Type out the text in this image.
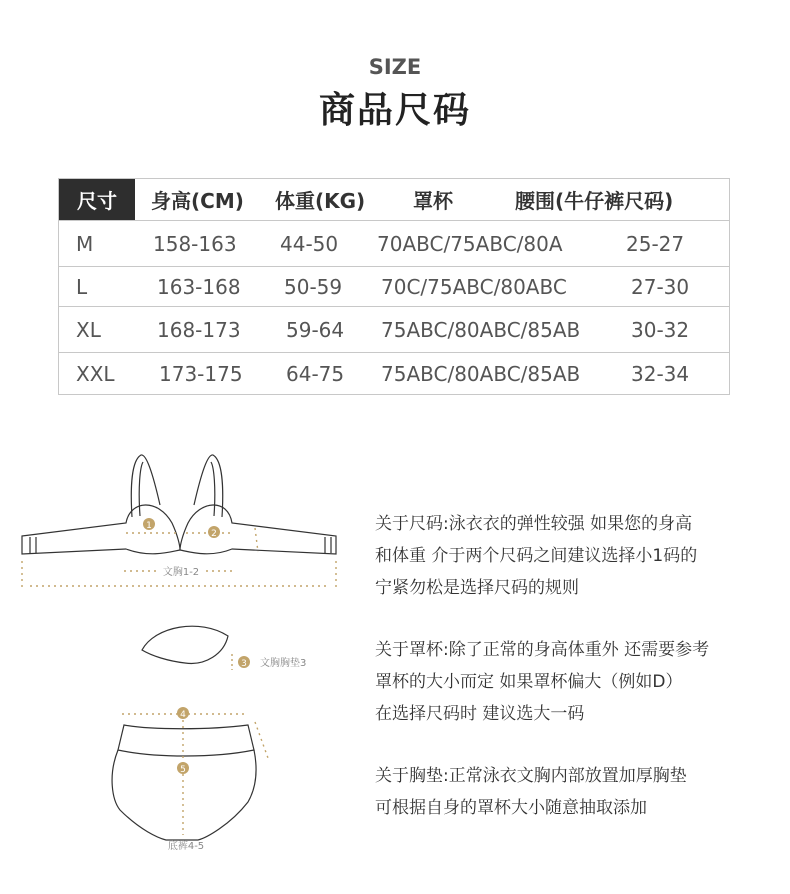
SIZE
商品尺码
尺寸	身高(CM) 体重(KG) 罩杯	腰围(牛仔裤尺码)
M	158-163 44-50 70ABC/75ABC/80A	25-27
L	163-168 50-59 70C/75ABC/80ABC	27-30
XL	168-173 59-64 75ABC/80ABC/85AB	30-32
XXL 173-175 64-75 75ABC/80ABC/85AB	32-34
1
2
文胸1-2
3 文胸胸垫3
4
5
底裤4-5
关于尺码:泳衣衣的弹性较强 如果您的身高
和体重 介于两个尺码之间建议选择小1码的
宁紧勿松是选择尺码的规则
关于罩杯:除了正常的身高体重外 还需要参考
罩杯的大小而定 如果罩杯偏大（例如D）
在选择尺码时 建议选大一码
关于胸垫:正常泳衣文胸内部放置加厚胸垫
可根据自身的罩杯大小随意抽取添加
